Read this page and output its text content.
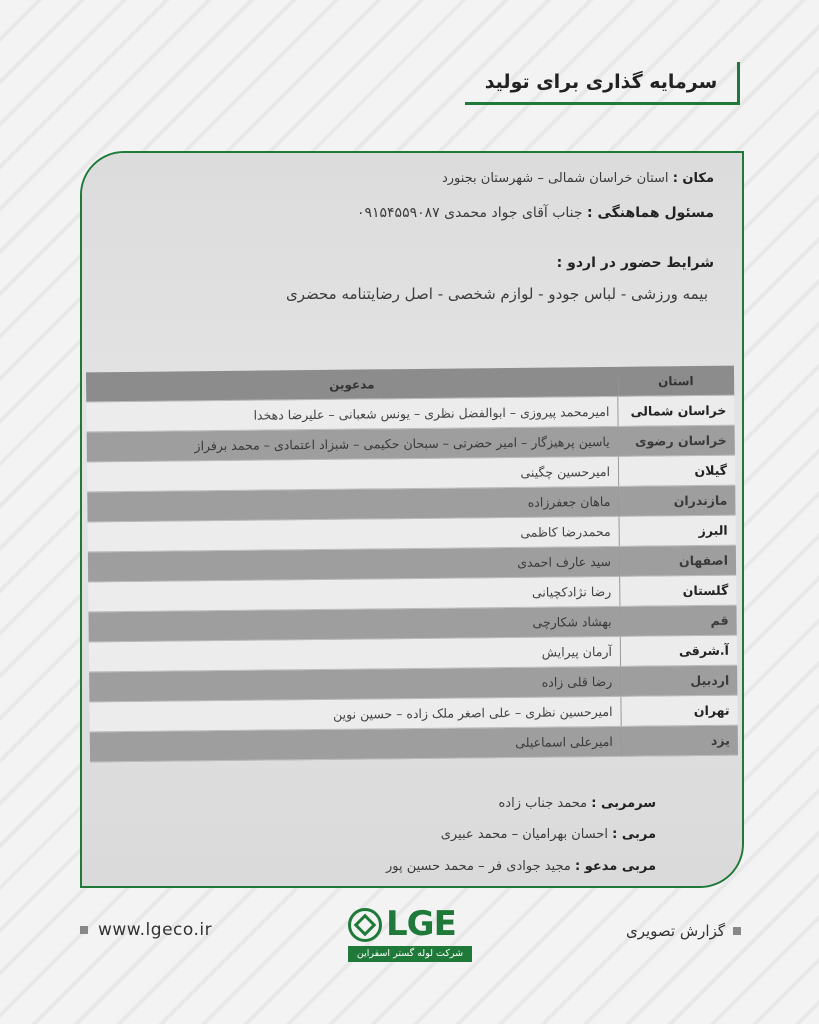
سرمایه گذاری برای تولید
مکان : استان خراسان شمالی – شهرستان بجنورد
مسئول هماهنگی : جناب آقای جواد محمدی ۰۹۱۵۴۵۵۹۰۸۷
شرایط حضور در اردو :
بیمه ورزشی - لباس جودو - لوازم شخصی - اصل رضایتنامه محضری
استان	مدعوین
خراسان شمالی	امیرمحمد پیروزی – ابوالفضل نظری – یونس شعبانی – علیرضا دهخدا
خراسان رضوی	یاسین پرهیزگار – امیر حضرتی – سبحان حکیمی – شبزاد اعتمادی – محمد برفراز
گیلان	امیرحسین چگینی
مازندران	ماهان جعفرزاده
البرز	محمدرضا کاظمی
اصفهان	سید عارف احمدی
گلستان	رضا نژادکچیانی
قم	بهشاد شکارچی
آ.شرقی	آرمان پیرایش
اردبیل	رضا قلی زاده
تهران	امیرحسین نظری – علی اصغر ملک زاده – حسین نوین
یزد	امیرعلی اسماعیلی
سرمربی : محمد جناب زاده
مربی : احسان بهرامیان – محمد عبیری
مربی مدعو : مجید جوادی فر – محمد حسین پور
www.lgeco.ir	LGE
شرکت لوله گستر اسفراین
گزارش تصویری
